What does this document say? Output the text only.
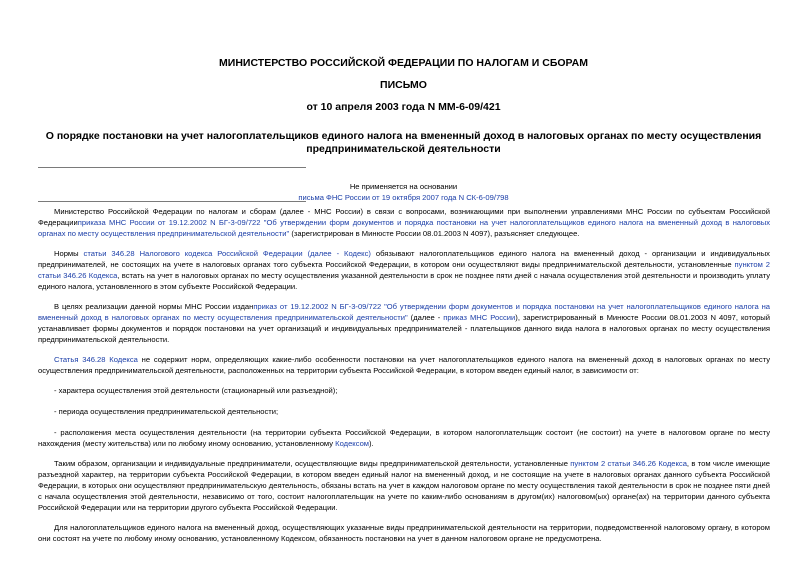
МИНИСТЕРСТВО РОССИЙСКОЙ ФЕДЕРАЦИИ ПО НАЛОГАМ И СБОРАМ
ПИСЬМО
от 10 апреля 2003 года N ММ-6-09/421
О порядке постановки на учет налогоплательщиков единого налога на вмененный доход в налоговых органах по месту осуществления предпринимательской деятельности
Не применяется на основании
письма ФНС России от 19 октября 2007 года N СК-6-09/798

Министерство Российской Федерации по налогам и сборам (далее - МНС России) в связи с вопросами, возникающими при выполнении управлениями МНС России по субъектам Российской Федерацииприказа МНС России от 19.12.2002 N БГ-3-09/722 "Об утверждении форм документов и порядка постановки на учет налогоплательщиков единого налога на вмененный доход в налоговых органах по месту осуществления предпринимательской деятельности" (зарегистрирован в Минюсте России 08.01.2003 N 4097), разъясняет следующее.

Нормы статьи 346.28 Налогового кодекса Российской Федерации (далее - Кодекс) обязывают налогоплательщиков единого налога на вмененный доход - организации и индивидуальных предпринимателей, не состоящих на учете в налоговых органах того субъекта Российской Федерации, в котором они осуществляют виды предпринимательской деятельности, установленные пунктом 2 статьи 346.26 Кодекса, встать на учет в налоговых органах по месту осуществления указанной деятельности в срок не позднее пяти дней с начала осуществления этой деятельности и производить уплату единого налога, установленного в этом субъекте Российской Федерации.

В целях реализации данной нормы МНС России изданприказ от 19.12.2002 N БГ-3-09/722 "Об утверждении форм документов и порядка постановки на учет налогоплательщиков единого налога на вмененный доход в налоговых органах по месту осуществления предпринимательской деятельности" (далее - приказ МНС России), зарегистрированный в Минюсте России 08.01.2003 N 4097, который устанавливает формы документов и порядок постановки на учет организаций и индивидуальных предпринимателей - плательщиков данного вида налога в налоговых органах по месту осуществления предпринимательской деятельности.

Статья 346.28 Кодекса не содержит норм, определяющих какие-либо особенности постановки на учет налогоплательщиков единого налога на вмененный доход в налоговых органах по месту осуществления предпринимательской деятельности, расположенных на территории субъекта Российской Федерации, в котором введен единый налог, в зависимости от:

- характера осуществления этой деятельности (стационарный или разъездной);

- периода осуществления предпринимательской деятельности;

- расположения места осуществления деятельности (на территории субъекта Российской Федерации, в котором налогоплательщик состоит (не состоит) на учете в налоговом органе по месту нахождения (месту жительства) или по любому иному основанию, установленному Кодексом).

Таким образом, организации и индивидуальные предприниматели, осуществляющие виды предпринимательской деятельности, установленные пунктом 2 статьи 346.26 Кодекса, в том числе имеющие разъездной характер, на территории субъекта Российской Федерации, в котором введен единый налог на вмененный доход, и не состоящие на учете в налоговых органах данного субъекта Российской Федерации, в которых они осуществляют предпринимательскую деятельность, обязаны встать на учет в каждом налоговом органе по месту осуществления такой деятельности в срок не позднее пяти дней с начала осуществления этой деятельности, независимо от того, состоит налогоплательщик на учете по каким-либо основаниям в другом(их) налоговом(ых) органе(ах) на территории данного субъекта Российской Федерации или на территории другого субъекта Российской Федерации.

Для налогоплательщиков единого налога на вмененный доход, осуществляющих указанные виды предпринимательской деятельности на территории, подведомственной налоговому органу, в котором они состоят на учете по любому иному основанию, установленному Кодексом, обязанность постановки на учет в данном налоговом органе не предусмотрена.
